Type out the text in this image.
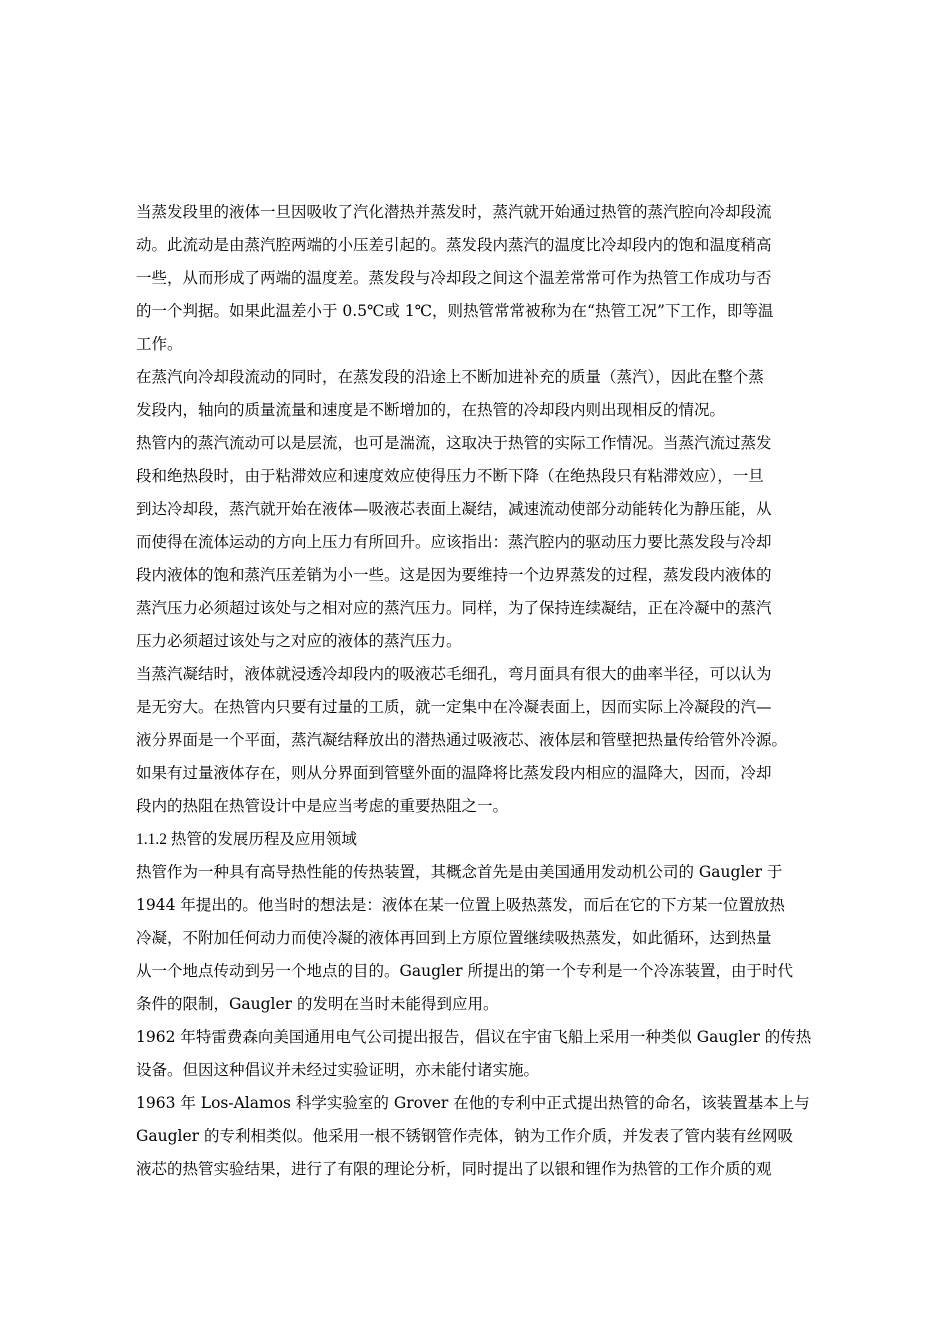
当蒸发段里的液体一旦因吸收了汽化潜热并蒸发时，蒸汽就开始通过热管的蒸汽腔向冷却段流
动。此流动是由蒸汽腔两端的小压差引起的。蒸发段内蒸汽的温度比冷却段内的饱和温度稍高
一些，从而形成了两端的温度差。蒸发段与冷却段之间这个温差常常可作为热管工作成功与否
的一个判据。如果此温差小于 0.5℃或 1℃，则热管常常被称为在“热管工况”下工作，即等温
工作。
在蒸汽向冷却段流动的同时，在蒸发段的沿途上不断加进补充的质量（蒸汽），因此在整个蒸
发段内，轴向的质量流量和速度是不断增加的，在热管的冷却段内则出现相反的情况。
热管内的蒸汽流动可以是层流，也可是湍流，这取决于热管的实际工作情况。当蒸汽流过蒸发
段和绝热段时，由于粘滞效应和速度效应使得压力不断下降（在绝热段只有粘滞效应），一旦
到达冷却段，蒸汽就开始在液体—吸液芯表面上凝结，减速流动使部分动能转化为静压能，从
而使得在流体运动的方向上压力有所回升。应该指出：蒸汽腔内的驱动压力要比蒸发段与冷却
段内液体的饱和蒸汽压差销为小一些。这是因为要维持一个边界蒸发的过程，蒸发段内液体的
蒸汽压力必须超过该处与之相对应的蒸汽压力。同样，为了保持连续凝结，正在冷凝中的蒸汽
压力必须超过该处与之对应的液体的蒸汽压力。
当蒸汽凝结时，液体就浸透冷却段内的吸液芯毛细孔，弯月面具有很大的曲率半径，可以认为
是无穷大。在热管内只要有过量的工质，就一定集中在冷凝表面上，因而实际上冷凝段的汽—
液分界面是一个平面，蒸汽凝结释放出的潜热通过吸液芯、液体层和管壁把热量传给管外冷源。
如果有过量液体存在，则从分界面到管壁外面的温降将比蒸发段内相应的温降大，因而，冷却
段内的热阻在热管设计中是应当考虑的重要热阻之一。
1.1.2 热管的发展历程及应用领域
热管作为一种具有高导热性能的传热装置，其概念首先是由美国通用发动机公司的 Gaugler 于
1944 年提出的。他当时的想法是：液体在某一位置上吸热蒸发，而后在它的下方某一位置放热
冷凝，不附加任何动力而使冷凝的液体再回到上方原位置继续吸热蒸发，如此循环，达到热量
从一个地点传动到另一个地点的目的。Gaugler 所提出的第一个专利是一个冷冻装置，由于时代
条件的限制，Gaugler 的发明在当时未能得到应用。
1962 年特雷费森向美国通用电气公司提出报告，倡议在宇宙飞船上采用一种类似 Gaugler 的传热
设备。但因这种倡议并未经过实验证明，亦未能付诸实施。
1963 年 Los-Alamos 科学实验室的 Grover 在他的专利中正式提出热管的命名，该装置基本上与
Gaugler 的专利相类似。他采用一根不锈钢管作壳体，钠为工作介质，并发表了管内装有丝网吸
液芯的热管实验结果，进行了有限的理论分析，同时提出了以银和锂作为热管的工作介质的观
